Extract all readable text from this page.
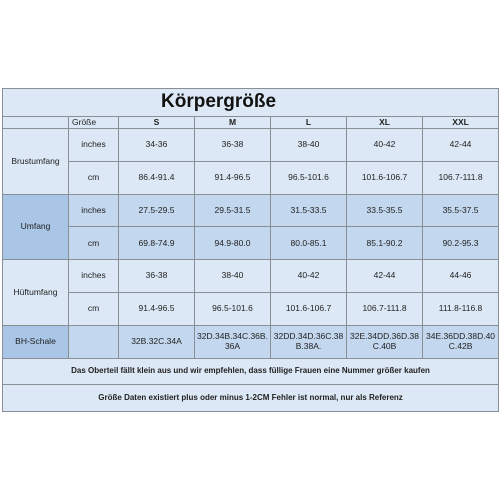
Körpergröße						
	Größe	S	M	L	XL	XXL
Brustumfang	inches	34-36	36-38	38-40	40-42	42-44
	cm	86.4-91.4	91.4-96.5	96.5-101.6	101.6-106.7	106.7-111.8
Umfang	inches	27.5-29.5	29.5-31.5	31.5-33.5	33.5-35.5	35.5-37.5
	cm	69.8-74.9	94.9-80.0	80.0-85.1	85.1-90.2	90.2-95.3
Hüftumfang	inches	36-38	38-40	40-42	42-44	44-46
	cm	91.4-96.5	96.5-101.6	101.6-106.7	106.7-111.8	111.8-116.8
BH-Schale		32B.32C.34A	32D.34B.34C.36B.36A	32DD.34D.36C.38B.38A.	32E.34DD.36D.38C.40B	34E.36DD.38D.40C.42B
Das Oberteil fällt klein aus und wir empfehlen, dass füllige Frauen eine Nummer größer kaufen						
Größe Daten existiert plus oder minus 1-2CM Fehler ist normal, nur als Referenz						
